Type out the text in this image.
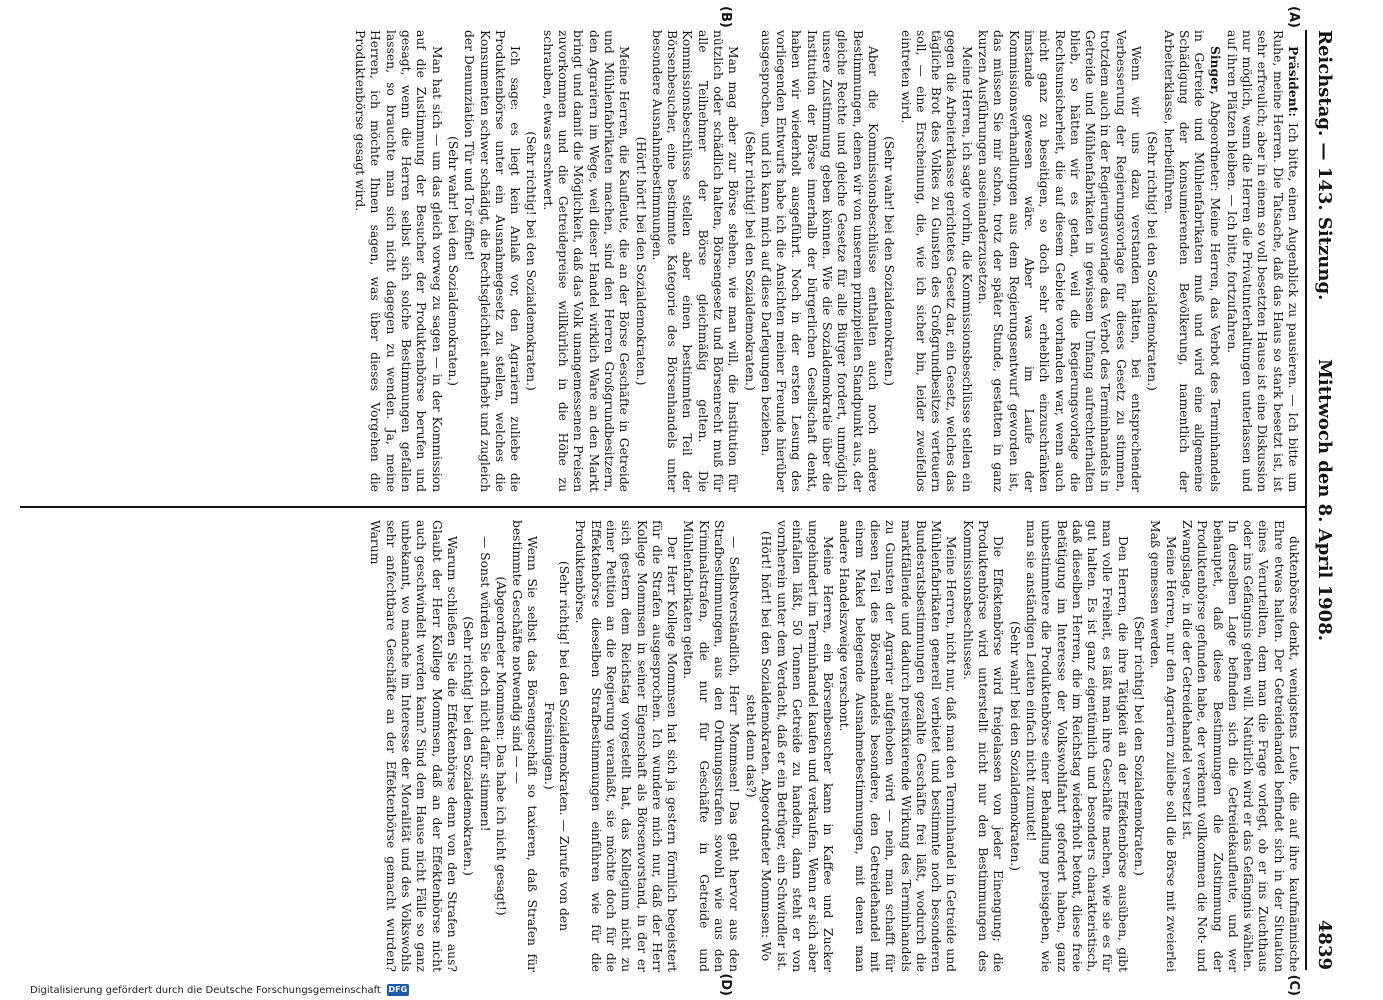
Reichstag. — 143. Sitzung.
Mittwoch den 8. April 1908.
4839
(A)
(B)
(C)
(D)

Präsident: Ich bitte, einen Augenblick zu pausieren. — Ich bitte um Ruhe, meine Herren. Die Tatsache, daß das Haus so stark besetzt ist, ist sehr erfreulich; aber in einem so voll besetzten Hause ist eine Diskussion nur möglich, wenn die Herren die Privatunterhaltungen unterlassen und auf ihren Plätzen bleiben. — Ich bitte, fortzufahren.

Singer, Abgeordneter: Meine Herren, das Verbot des Terminhandels in Getreide und Mühlenfabrikaten muß und wird eine allgemeine Schädigung der konsumierenden Bevölkerung, namentlich der Arbeiterklasse, herbeiführen.

(Sehr richtig! bei den Sozialdemokraten.)

Wenn wir uns dazu verstanden hätten, bei entsprechender Verbesserung der Regierungsvorlage für dieses Gesetz zu stimmen, trotzdem auch in der Regierungsvorlage das Verbot des Terminhandels in Getreide und Mühlenfabrikaten in gewissem Umfang aufrechterhalten blieb, so hätten wir es getan, weil die Regierungsvorlage die Rechtsunsicherheit, die auf diesem Gebiete vorhanden war, wenn auch nicht ganz zu beseitigen, so doch sehr erheblich einzuschränken imstande gewesen wäre. Aber was im Laufe der Kommissionsverhandlungen aus dem Regierungsentwurf geworden ist, das müssen Sie mir schon, trotz der später Stunde, gestatten in ganz kurzen Ausführungen auseinanderzusetzen.

Meine Herren, ich sagte vorhin, die Kommissionsbeschlüsse stellen ein gegen die Arbeiterklasse gerichtetes Gesetz dar, ein Gesetz, welches das tägliche Brot des Volkes zu Gunsten des Großgrundbesitzes verteuern soll, — eine Erscheinung, die, wie ich sicher bin, leider zweifellos eintreten wird.

(Sehr wahr! bei den Sozialdemokraten.)

Aber die Kommissionsbeschlüsse enthalten auch noch andere Bestimmungen, denen wir von unserem prinzipiellen Standpunkt aus, der gleiche Rechte und gleiche Gesetze für alle Bürger fordert, unmöglich unsere Zustimmung geben können. Wie die Sozialdemokratie über die Institution der Börse innerhalb der bürgerlichen Gesellschaft denkt, haben wir wiederholt ausgeführt. Noch in der ersten Lesung des vorliegenden Entwurfs habe ich die Ansichten meiner Freunde hierüber ausgesprochen, und ich kann mich auf diese Darlegungen beziehen.

(Sehr richtig! bei den Sozialdemokraten.)

Man mag aber zur Börse stehen, wie man will, die Institution für nützlich oder schädlich halten, Börsengesetz und Börsenrecht muß für alle Teilnehmer der Börse gleichmäßig gelten. Die Kommissionsbeschlüsse stellen aber einen bestimmten Teil der Börsenbesucher, eine bestimmte Kategorie des Börsenhandels unter besondere Ausnahmebestimmungen.

(Hört! hört! bei den Sozialdemokraten.)

Meine Herren, die Kaufleute, die an der Börse Geschäfte in Getreide und Mühlenfabrikaten machen, sind den Herren Großgrundbesitzern, den Agrariern im Wege, weil dieser Handel wirklich Ware an den Markt bringt und damit die Möglichkeit, daß das Volk unangemessenen Preisen zuvorkommen und die Getreidepreise willkürlich in die Höhe zu schrauben, etwas erschwert.

(Sehr richtig! bei den Sozialdemokraten.)

Ich sage: es liegt kein Anlaß vor, den Agrariern zuliebe die Produktenbörse unter ein Ausnahmegesetz zu stellen, welches die Konsumenten schwer schädigt, die Rechtsgleichheit aufhebt und zugleich der Denunziation Tür und Tor öffnet!

(Sehr wahr! bei den Sozialdemokraten.)

Man hat sich — um das gleich vorweg zu sagen — in der Kommission auf die Zustimmung der Besucher der Produktenbörse berufen und gesagt, wenn die Herren selbst sich solche Bestimmungen gefallen lassen, so brauchte man sich nicht dagegen zu wenden. Ja, meine Herren, ich möchte Ihnen sagen, was über dieses Vorgehen die Produktenbörse gesagt wird.

duktenbörse denkt, wenigstens Leute, die auf ihre kaufmännische Ehre etwas halten. Der Getreidehandel befindet sich in der Situation eines Verurteilten, dem man die Frage vorlegt, ob er ins Zuchthaus oder ins Gefängnis gehen will. Natürlich wird er das Gefängnis wählen. In derselben Lage befinden sich die Getreidekaufleute, und wer behauptet, daß diese Bestimmungen die Zustimmung der Produktenbörse gefunden habe, der verkennt vollkommen die Not- und Zwangslage, in die der Getreidehandel versetzt ist.

Meine Herren, nur den Agrariern zuliebe soll die Börse mit zweierlei Maß gemessen werden.

(Sehr richtig! bei den Sozialdemokraten.)

Den Herren, die ihre Tätigkeit an der Effektenbörse ausüben, gibt man volle Freiheit, es läßt man ihre Geschäfte machen, wie sie es für gut halten. Es ist ganz eigentümlich und besonders charakteristisch, daß dieselben Herren, die im Reichstag wiederholt betont, diese freie Betätigung im Interesse der Volkswohlfahrt gefordert haben, ganz unbestimmtere die Produktenbörse einer Behandlung preisgeben, wie man sie anständigen Leuten einfach nicht zumutet!

(Sehr wahr! bei den Sozialdemokraten.)

Die Effektenbörse wird freigelassen von jeder Einengung; die Produktenbörse wird unterstellt nicht nur den Bestimmungen des Kommissionsbeschlusses.

Meine Herren, nicht nur, daß man den Terminhandel in Getreide und Mühlenfabrikaten generell verbietet und bestimmte noch besonderen Bundesratsbestimmungen gezahlte Geschäfte frei läßt, wodurch die marktfällende und dadurch preisfixierende Wirkung des Terminhandels zu Gunsten der Agrarier aufgehoben wird — nein, man schafft für diesen Teil des Börsenhandels besondere, den Getreidehandel mit einem Makel belegende Ausnahmebestimmungen, mit denen man andere Handelszweige verschont.

Meine Herren, ein Börsenbesucher kann in Kaffee und Zucker ungehindert im Terminhandel kaufen und verkaufen. Wenn er sich aber einfallen läßt, 50 Tonnen Getreide zu handeln, dann steht er von vornherein unter dem Verdacht, daß er ein Betrüger, ein Schwindler ist.

(Hört! hört! bei den Sozialdemokraten. Abgeordneter Mommsen: Wo steht denn das?)

— Selbstverständlich, Herr Mommsen! Das geht hervor aus den Strafbestimmungen, aus den Ordnungsstrafen sowohl wie aus den Kriminalstrafen, die nur für Geschäfte in Getreide und Mühlenfabrikaten gelten.

Der Herr Kollege Mommsen hat sich ja gestern förmlich begeistert für die Strafen ausgesprochen. Ich wundere mich nur, daß der Herr Kollege Mommsen in seiner Eigenschaft als Börsenvorstand, in der er sich gestern dem Reichstag vorgestellt hat, das Kollegium nicht zu einer Petition an die Regierung veranlaßt, sie möchte doch für die Effektenbörse dieselben Strafbestimmungen einführen wie für die Produktenbörse.

(Sehr richtig! bei den Sozialdemokraten. — Zurufe von den Freisinnigen.)

Wenn Sie selbst das Börsengeschäft so taxieren, daß Strafen für bestimmte Geschäfte notwendig sind — —

(Abgeordneter Mommsen: Das habe ich nicht gesagt!)

— Sonst würden Sie doch nicht dafür stimmen!

(Sehr richtig! bei den Sozialdemokraten.)

Warum schließen Sie die Effektenbörse denn von den Strafen aus? Glaubt der Herr Kollege Mommsen, daß an der Effektenbörse nicht auch geschwindelt werden kann? Sind dem Hause nicht Fälle so ganz unbekannt, wo manche im Interesse der Moralität und des Volkswohls sehr anfechtbare Geschäfte an der Effektenbörse gemacht wurden? Warum

Digitalisierung gefördert durch die Deutsche Forschungsgemeinschaft DFG
